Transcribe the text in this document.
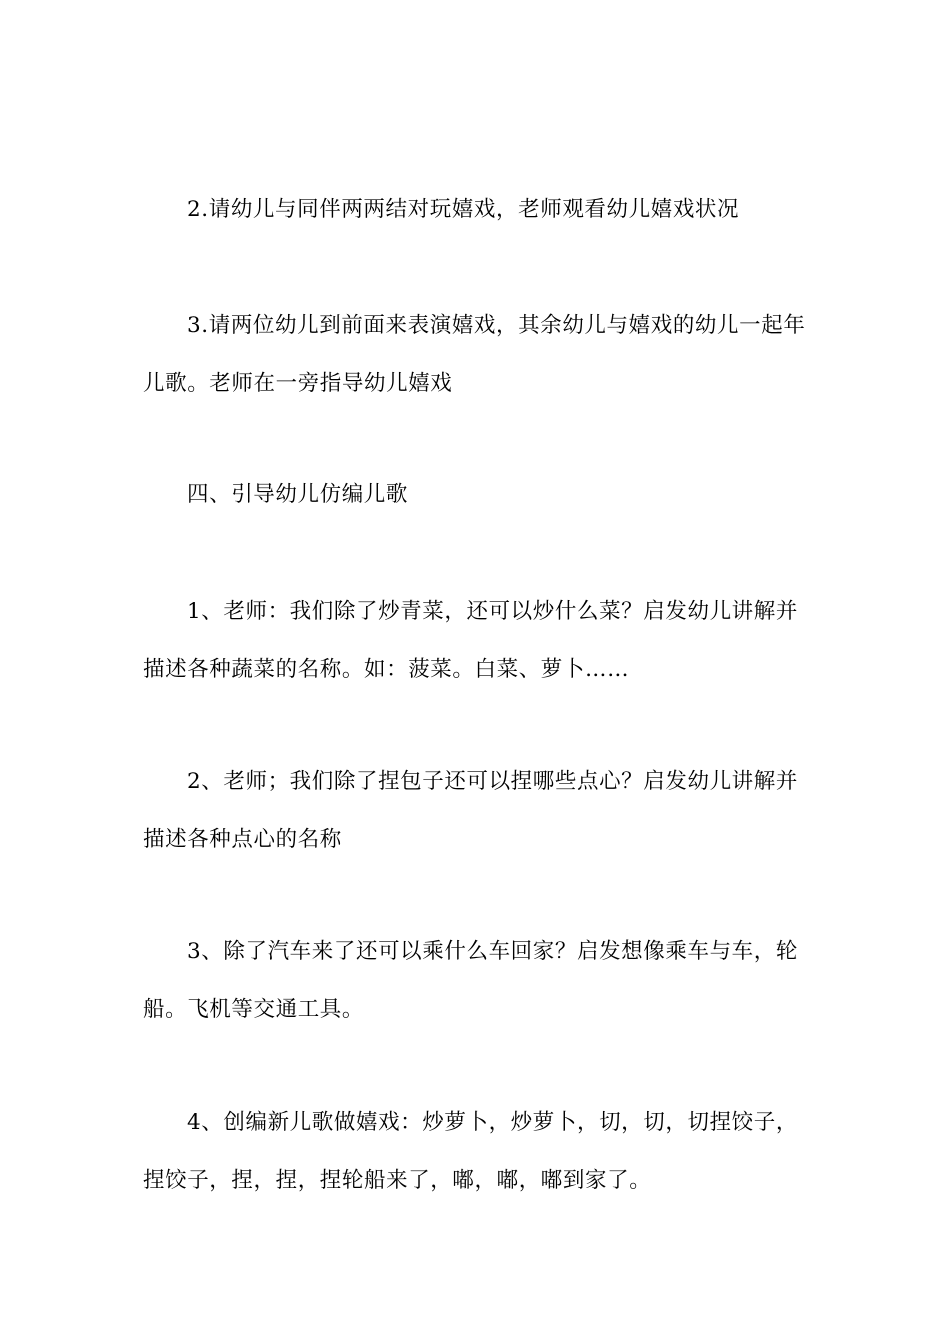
2.请幼儿与同伴两两结对玩嬉戏，老师观看幼儿嬉戏状况

3.请两位幼儿到前面来表演嬉戏，其余幼儿与嬉戏的幼儿一起年儿歌。老师在一旁指导幼儿嬉戏

四、引导幼儿仿编儿歌

1、老师：我们除了炒青菜，还可以炒什么菜？启发幼儿讲解并描述各种蔬菜的名称。如：菠菜。白菜、萝卜……

2、老师；我们除了捏包子还可以捏哪些点心？启发幼儿讲解并描述各种点心的名称

3、除了汽车来了还可以乘什么车回家？启发想像乘车与车，轮船。飞机等交通工具。

4、创编新儿歌做嬉戏：炒萝卜，炒萝卜，切，切，切捏饺子，捏饺子，捏，捏，捏轮船来了，嘟，嘟，嘟到家了。
